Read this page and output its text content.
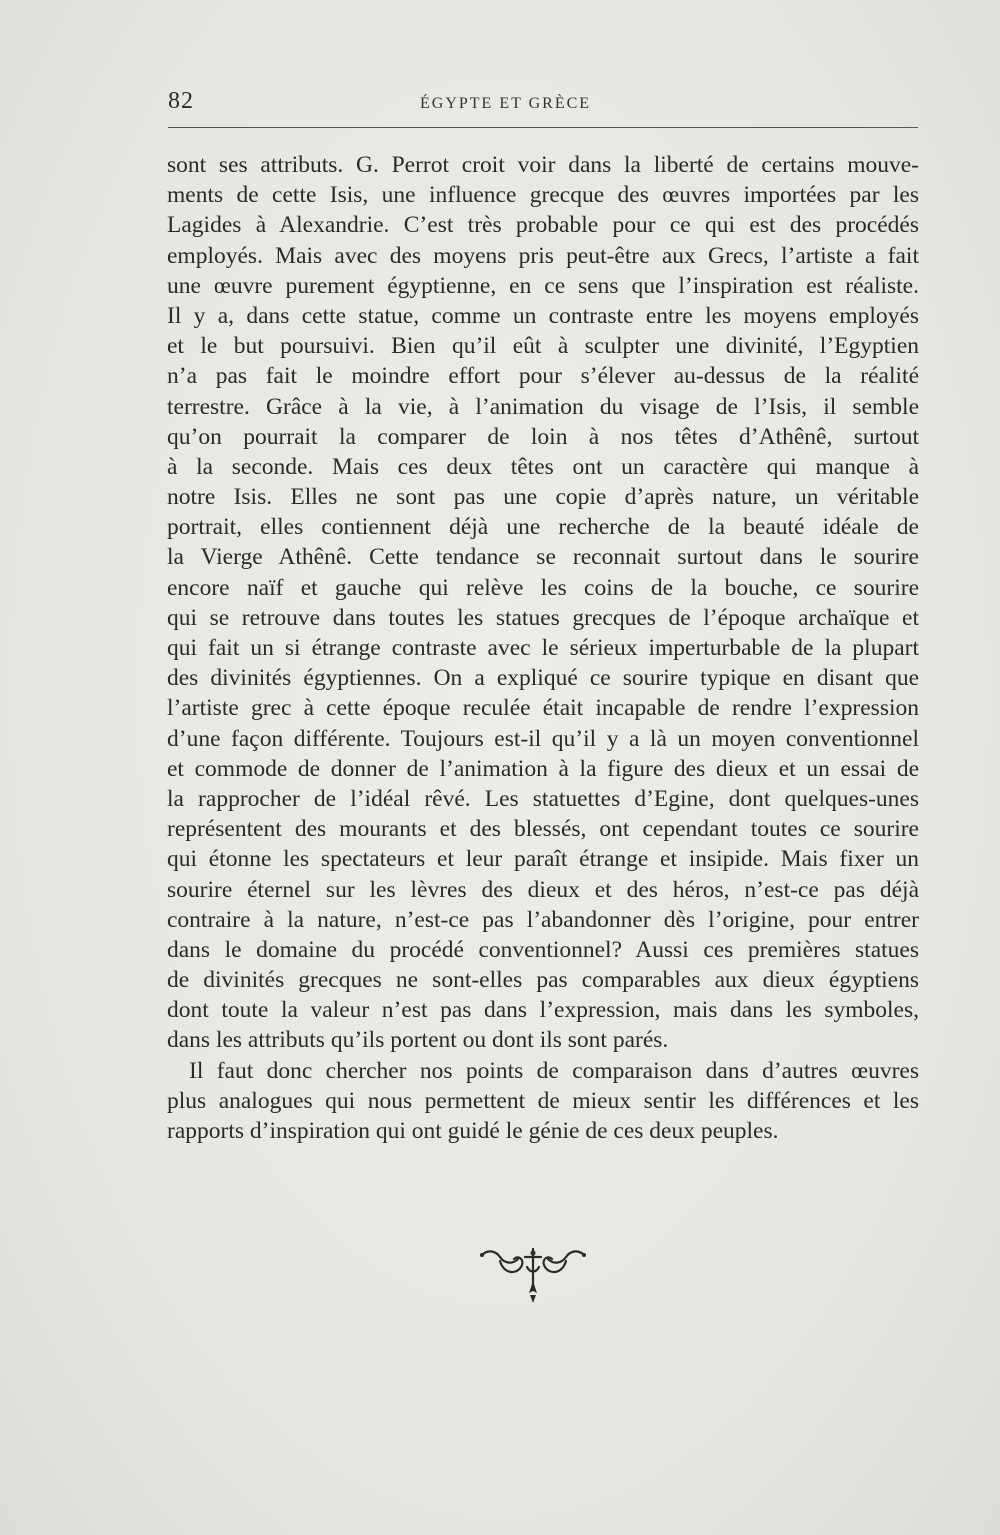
82	ÉGYPTE ET GRÈCE
sont ses attributs. G. Perrot croit voir dans la liberté de certains mouve-
ments de cette Isis, une influence grecque des œuvres importées par les
Lagides à Alexandrie. C’est très probable pour ce qui est des procédés
employés. Mais avec des moyens pris peut-être aux Grecs, l’artiste a fait
une œuvre purement égyptienne, en ce sens que l’inspiration est réaliste.
Il y a, dans cette statue, comme un contraste entre les moyens employés
et le but poursuivi. Bien qu’il eût à sculpter une divinité, l’Egyptien
n’a pas fait le moindre effort pour s’élever au-dessus de la réalité
terrestre. Grâce à la vie, à l’animation du visage de l’Isis, il semble
qu’on pourrait la comparer de loin à nos têtes d’Athênê, surtout
à la seconde. Mais ces deux têtes ont un caractère qui manque à
notre Isis. Elles ne sont pas une copie d’après nature, un véritable
portrait, elles contiennent déjà une recherche de la beauté idéale de
la Vierge Athênê. Cette tendance se reconnait surtout dans le sourire
encore naïf et gauche qui relève les coins de la bouche, ce sourire
qui se retrouve dans toutes les statues grecques de l’époque archaïque et
qui fait un si étrange contraste avec le sérieux imperturbable de la plupart
des divinités égyptiennes. On a expliqué ce sourire typique en disant que
l’artiste grec à cette époque reculée était incapable de rendre l’expression
d’une façon différente. Toujours est-il qu’il y a là un moyen conventionnel
et commode de donner de l’animation à la figure des dieux et un essai de
la rapprocher de l’idéal rêvé. Les statuettes d’Egine, dont quelques-unes
représentent des mourants et des blessés, ont cependant toutes ce sourire
qui étonne les spectateurs et leur paraît étrange et insipide. Mais fixer un
sourire éternel sur les lèvres des dieux et des héros, n’est-ce pas déjà
contraire à la nature, n’est-ce pas l’abandonner dès l’origine, pour entrer
dans le domaine du procédé conventionnel? Aussi ces premières statues
de divinités grecques ne sont-elles pas comparables aux dieux égyptiens
dont toute la valeur n’est pas dans l’expression, mais dans les symboles,
dans les attributs qu’ils portent ou dont ils sont parés.
Il faut donc chercher nos points de comparaison dans d’autres œuvres
plus analogues qui nous permettent de mieux sentir les différences et les
rapports d’inspiration qui ont guidé le génie de ces deux peuples.
